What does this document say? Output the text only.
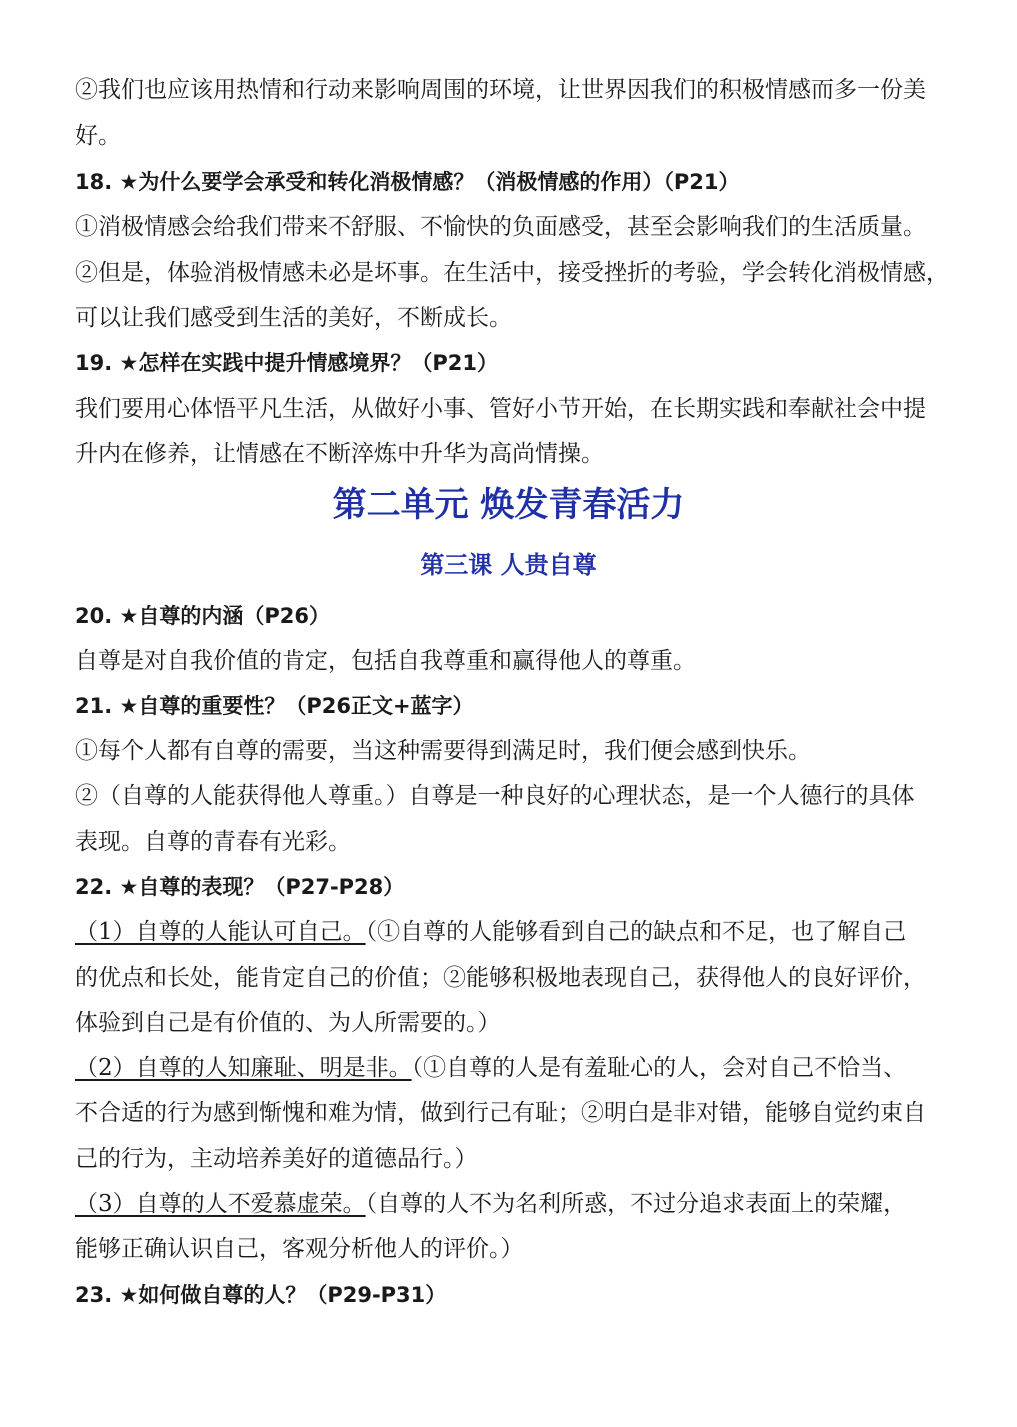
②我们也应该用热情和行动来影响周围的环境，让世界因我们的积极情感而多一份美
好。
18. ★为什么要学会承受和转化消极情感？（消极情感的作用）（P21）
①消极情感会给我们带来不舒服、不愉快的负面感受，甚至会影响我们的生活质量。
②但是，体验消极情感未必是坏事。在生活中，接受挫折的考验，学会转化消极情感，
可以让我们感受到生活的美好，不断成长。
19. ★怎样在实践中提升情感境界？（P21）
我们要用心体悟平凡生活，从做好小事、管好小节开始，在长期实践和奉献社会中提
升内在修养，让情感在不断淬炼中升华为高尚情操。
第二单元 焕发青春活力
第三课 人贵自尊
20. ★自尊的内涵（P26）
自尊是对自我价值的肯定，包括自我尊重和赢得他人的尊重。
21. ★自尊的重要性？（P26正文+蓝字）
①每个人都有自尊的需要，当这种需要得到满足时，我们便会感到快乐。
②（自尊的人能获得他人尊重。）自尊是一种良好的心理状态，是一个人德行的具体
表现。自尊的青春有光彩。
22. ★自尊的表现？（P27-P28）
（1）自尊的人能认可自己。（①自尊的人能够看到自己的缺点和不足，也了解自己
的优点和长处，能肯定自己的价值；②能够积极地表现自己，获得他人的良好评价，
体验到自己是有价值的、为人所需要的。）
（2）自尊的人知廉耻、明是非。（①自尊的人是有羞耻心的人，会对自己不恰当、
不合适的行为感到惭愧和难为情，做到行己有耻；②明白是非对错，能够自觉约束自
己的行为，主动培养美好的道德品行。）
（3）自尊的人不爱慕虚荣。（自尊的人不为名利所惑，不过分追求表面上的荣耀，
能够正确认识自己，客观分析他人的评价。）
23. ★如何做自尊的人？（P29-P31）
